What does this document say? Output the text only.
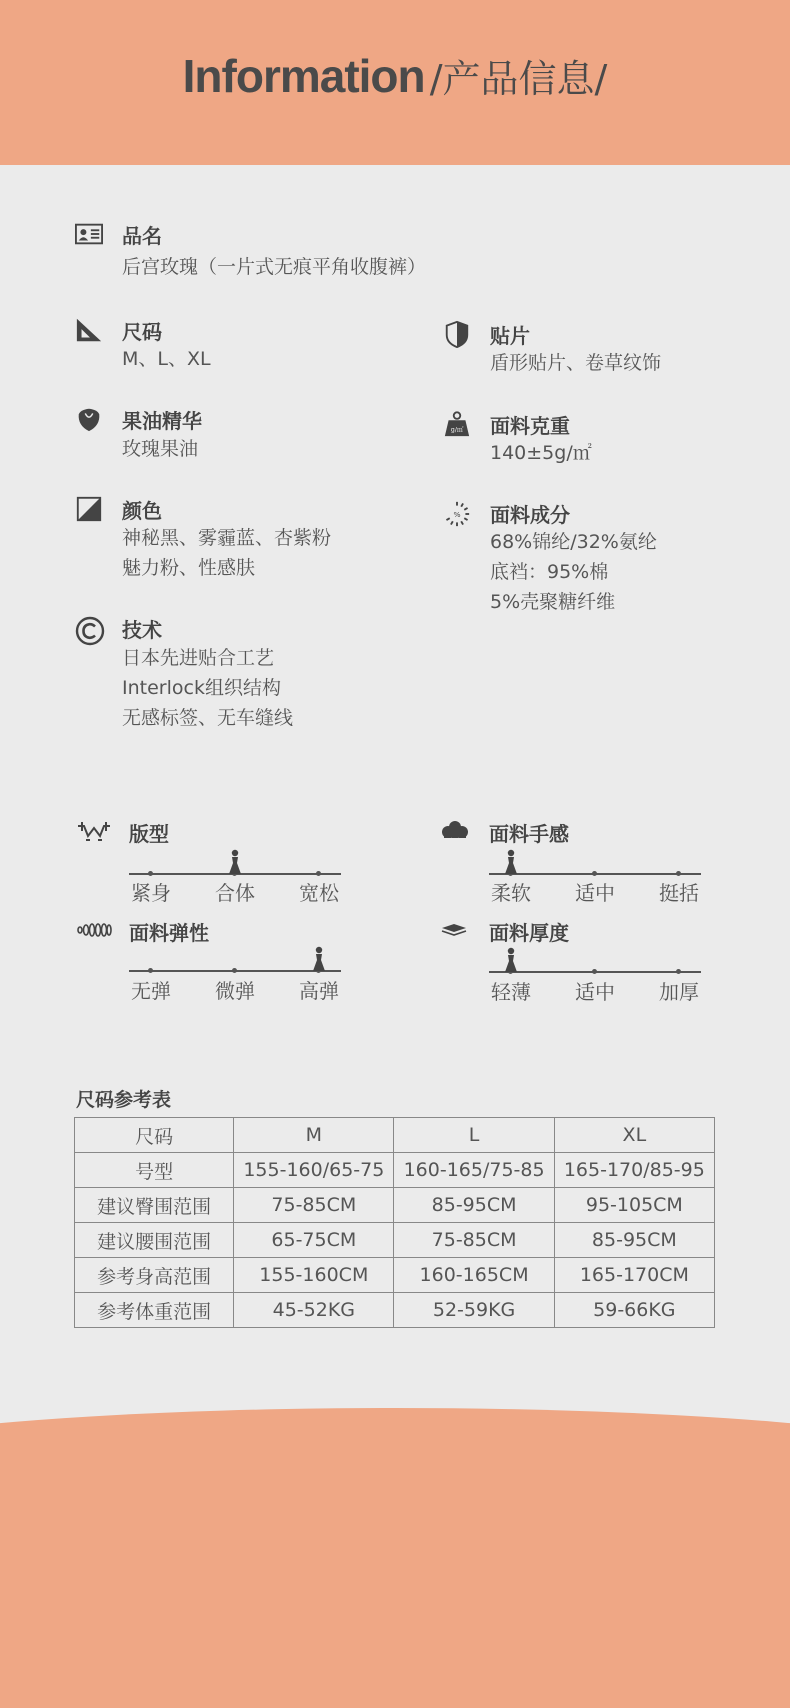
Information /产品信息/
品名
后宫玫瑰（一片式无痕平角收腹裤）
尺码
M、L、XL
贴片
盾形贴片、卷草纹饰
果油精华
玫瑰果油
g/㎡ 面料克重
140±5g/㎡
颜色
神秘黑、雾霾蓝、杏紫粉
魅力粉、性感肤
% 面料成分
68%锦纶/32%氨纶
底裆：95%棉
5%壳聚糖纤维
技术
日本先进贴合工艺
Interlock组织结构
无感标签、无车缝线
版型
紧身	合体	宽松
面料手感
柔软	适中	挺括
面料弹性
无弹	微弹	高弹
面料厚度
轻薄	适中	加厚
尺码参考表
尺码	M	L	XL
号型	155-160/65-75	160-165/75-85	165-170/85-95
建议臀围范围	75-85CM	85-95CM	95-105CM
建议腰围范围	65-75CM	75-85CM	85-95CM
参考身高范围	155-160CM	160-165CM	165-170CM
参考体重范围	45-52KG	52-59KG	59-66KG
